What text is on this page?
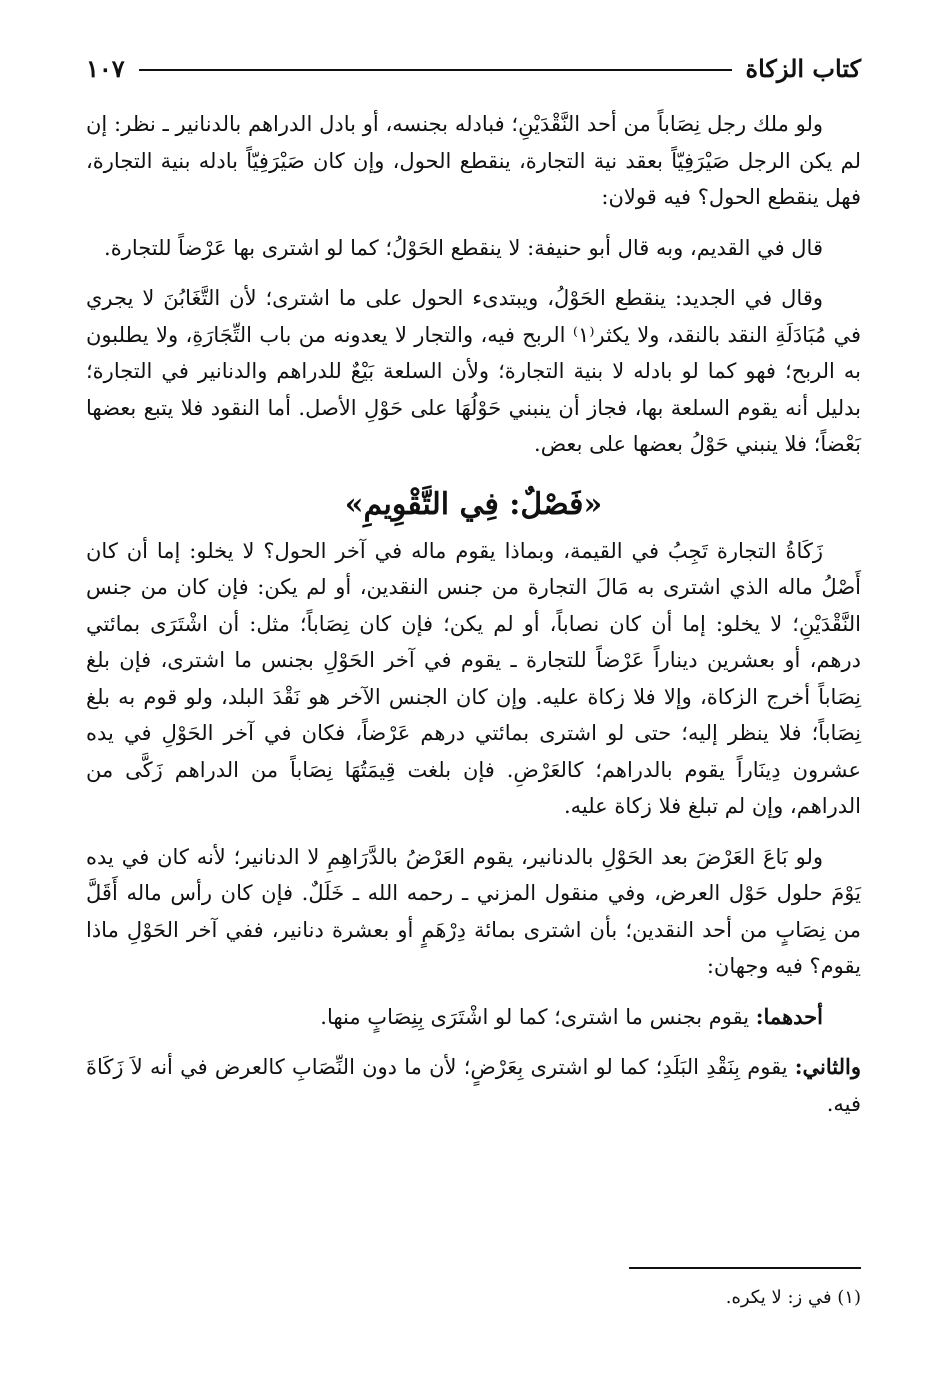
كتاب الزكاة
١٠٧

ولو ملك رجل نِصَاباً من أحد النَّقْدَيْنِ؛ فبادله بجنسه، أو بادل الدراهم بالدنانير ـ نظر: إن لم يكن الرجل صَيْرَفِيّاً بعقد نية التجارة، ينقطع الحول، وإن كان صَيْرَفِيّاً بادله بنية التجارة، فهل ينقطع الحول؟ فيه قولان:

قال في القديم، وبه قال أبو حنيفة: لا ينقطع الحَوْلُ؛ كما لو اشترى بها عَرْضاً للتجارة.

وقال في الجديد: ينقطع الحَوْلُ، ويبتدىء الحول على ما اشترى؛ لأن التَّغَابُنَ لا يجري في مُبَادَلَةِ النقد بالنقد، ولا يكثر⁽١⁾ الربح فيه، والتجار لا يعدونه من باب التِّجَارَةِ، ولا يطلبون به الربح؛ فهو كما لو بادله لا بنية التجارة؛ ولأن السلعة بَيْعٌ للدراهم والدنانير في التجارة؛ بدليل أنه يقوم السلعة بها، فجاز أن ينبني حَوْلُهَا على حَوْلِ الأصل. أما النقود فلا يتبع بعضها بَعْضاً؛ فلا ينبني حَوْلُ بعضها على بعض.

«فَصْلٌ: فِي التَّقْوِيمِ»

زَكَاةُ التجارة تَجِبُ في القيمة، وبماذا يقوم ماله في آخر الحول؟ لا يخلو: إما أن كان أَصْلُ ماله الذي اشترى به مَالَ التجارة من جنس النقدين، أو لم يكن: فإن كان من جنس النَّقْدَيْنِ؛ لا يخلو: إما أن كان نصاباً، أو لم يكن؛ فإن كان نِصَاباً؛ مثل: أن اشْتَرَى بمائتي درهم، أو بعشرين ديناراً عَرْضاً للتجارة ـ يقوم في آخر الحَوْلِ بجنس ما اشترى، فإن بلغ نِصَاباً أخرج الزكاة، وإلا فلا زكاة عليه. وإن كان الجنس الآخر هو نَقْدَ البلد، ولو قوم به بلغ نِصَاباً؛ فلا ينظر إليه؛ حتى لو اشترى بمائتي درهم عَرْضاً، فكان في آخر الحَوْلِ في يده عشرون دِينَاراً يقوم بالدراهم؛ كالعَرْضِ. فإن بلغت قِيمَتُهَا نِصَاباً من الدراهم زَكَّى من الدراهم، وإن لم تبلغ فلا زكاة عليه.

ولو بَاعَ العَرْضَ بعد الحَوْلِ بالدنانير، يقوم العَرْضُ بالدَّرَاهِمِ لا الدنانير؛ لأنه كان في يده يَوْمَ حلول حَوْل العرض، وفي منقول المزني ـ رحمه الله ـ خَلَلٌ. فإن كان رأس ماله أَقَلَّ من نِصَابٍ من أحد النقدين؛ بأن اشترى بمائة دِرْهَمٍ أو بعشرة دنانير، ففي آخر الحَوْلِ ماذا يقوم؟ فيه وجهان:

أحدهما: يقوم بجنس ما اشترى؛ كما لو اشْتَرَى بِنِصَابٍ منها.

والثاني: يقوم بِنَقْدِ البَلَدِ؛ كما لو اشترى بِعَرْضٍ؛ لأن ما دون النِّصَابِ كالعرض في أنه لاَ زَكَاةَ فيه.

(١) في ز: لا يكره.
